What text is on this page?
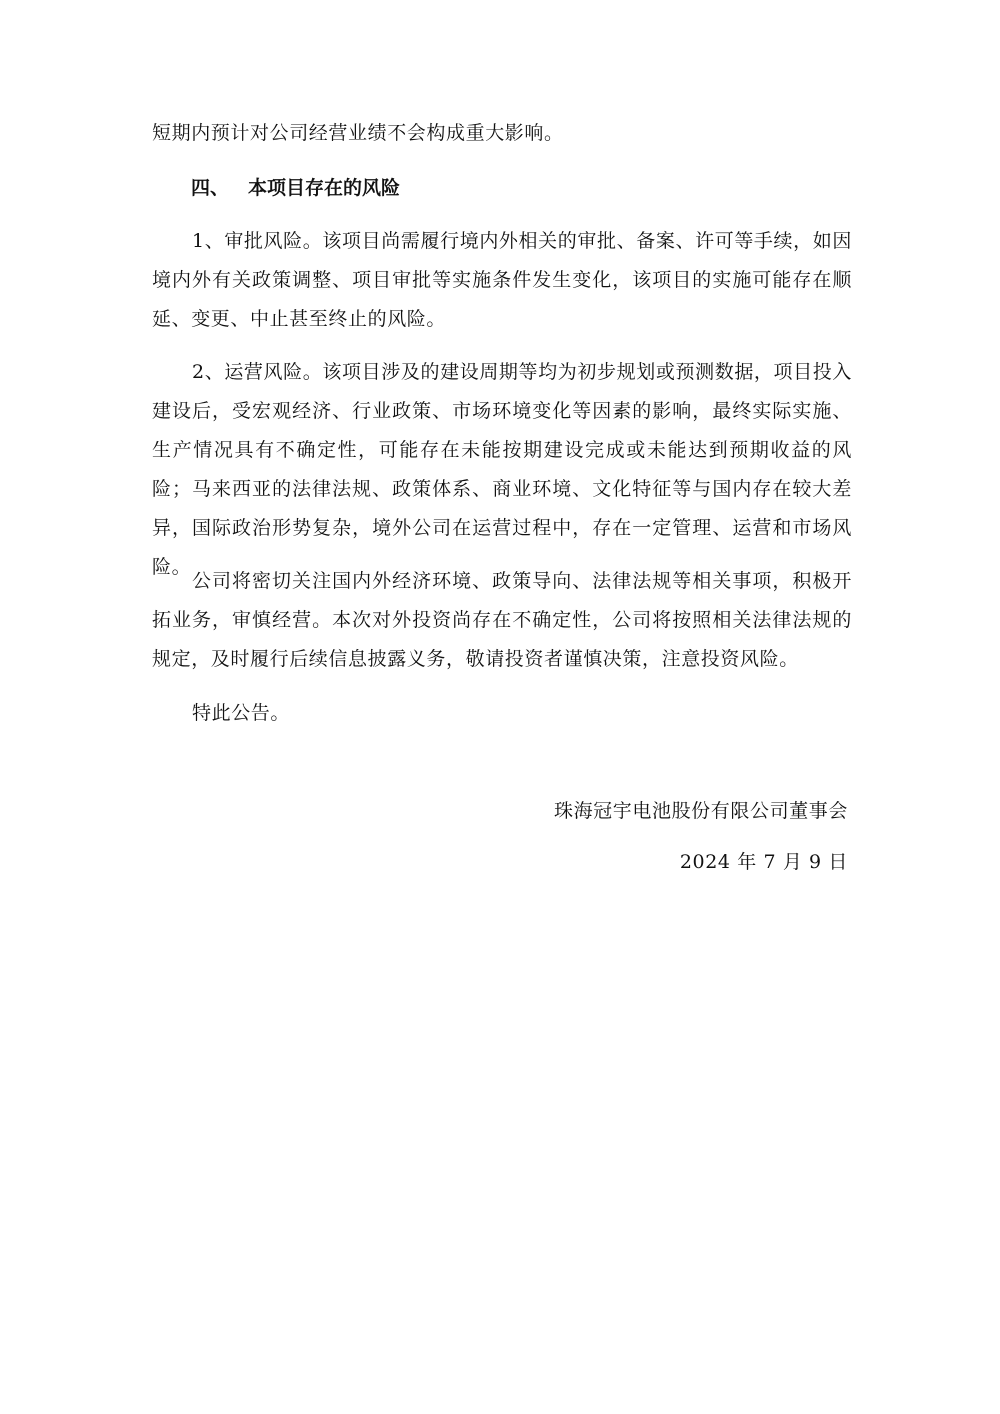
短期内预计对公司经营业绩不会构成重大影响。

四、 本项目存在的风险

1、审批风险。该项目尚需履行境内外相关的审批、备案、许可等手续，如因境内外有关政策调整、项目审批等实施条件发生变化，该项目的实施可能存在顺延、变更、中止甚至终止的风险。

2、运营风险。该项目涉及的建设周期等均为初步规划或预测数据，项目投入建设后，受宏观经济、行业政策、市场环境变化等因素的影响，最终实际实施、生产情况具有不确定性，可能存在未能按期建设完成或未能达到预期收益的风险；马来西亚的法律法规、政策体系、商业环境、文化特征等与国内存在较大差异，国际政治形势复杂，境外公司在运营过程中，存在一定管理、运营和市场风险。

公司将密切关注国内外经济环境、政策导向、法律法规等相关事项，积极开拓业务，审慎经营。本次对外投资尚存在不确定性，公司将按照相关法律法规的规定，及时履行后续信息披露义务，敬请投资者谨慎决策，注意投资风险。

特此公告。

珠海冠宇电池股份有限公司董事会

2024 年 7 月 9 日
